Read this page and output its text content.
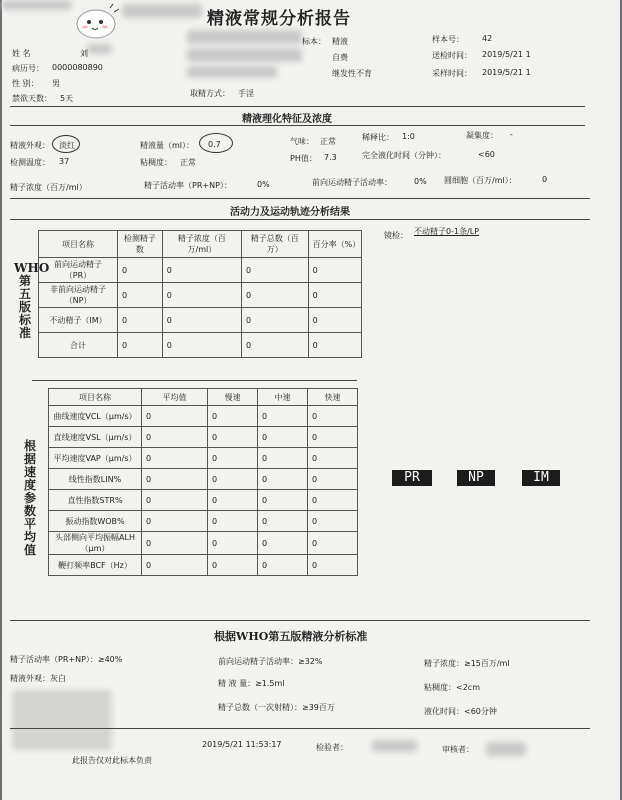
精液常规分析报告
姓 名	刘
病历号： 0000080890
性 别： 男
禁欲天数： 5天
取精方式： 手淫
标本： 精液
自费
继发性不育
样本号： 42
送检时间： 2019/5/21 1
采样时间： 2019/5/21 1
精液理化特征及浓度
精液外观： 淡红	精液量（ml）： 0.7	气味： 正常	稀释比： 1:0	凝集度： -
检测温度： 37	粘稠度： 正常	PH值： 7.3	完全液化时间（分钟）：	<60
精子浓度（百万/ml）	精子活动率（PR+NP）：	0%	前向运动精子活动率：	0% 圆细胞（百万/ml）：	0
活动力及运动轨迹分析结果
WHO第五版标准
项目名称	检测精子数	精子浓度（百万/ml）	精子总数（百万）	百分率（%）
前向运动精子（PR）	0	0	0	0
非前向运动精子（NP）	0	0	0	0
不动精子（IM）	0	0	0	0
合计	0	0	0	0
镜检： 不动精子0-1条/LP
根据速度参数平均值
项目名称	平均值	慢速	中速	快速
曲线速度VCL（μm/s）	0	0	0	0
直线速度VSL（μm/s）	0	0	0	0
平均速度VAP（μm/s）	0	0	0	0
线性指数LIN%	0	0	0	0
直性指数STR%	0	0	0	0
振动指数WOB%	0	0	0	0
头部侧向平均振幅ALH（μm）	0	0	0	0
鞭打频率BCF（Hz）	0	0	0	0
PR	NP	IM
根据WHO第五版精液分析标准
精子活动率（PR+NP）：≥40%	前向运动精子活动率：≥32%	精子浓度：≥15百万/ml
精液外观：灰白
精 液 量：≥1.5ml	粘稠度：<2cm
精子总数（一次射精）：≥39百万	液化时间：<60分钟
2019/5/21 11:53:17	检验者：	审核者：
此报告仅对此标本负责
